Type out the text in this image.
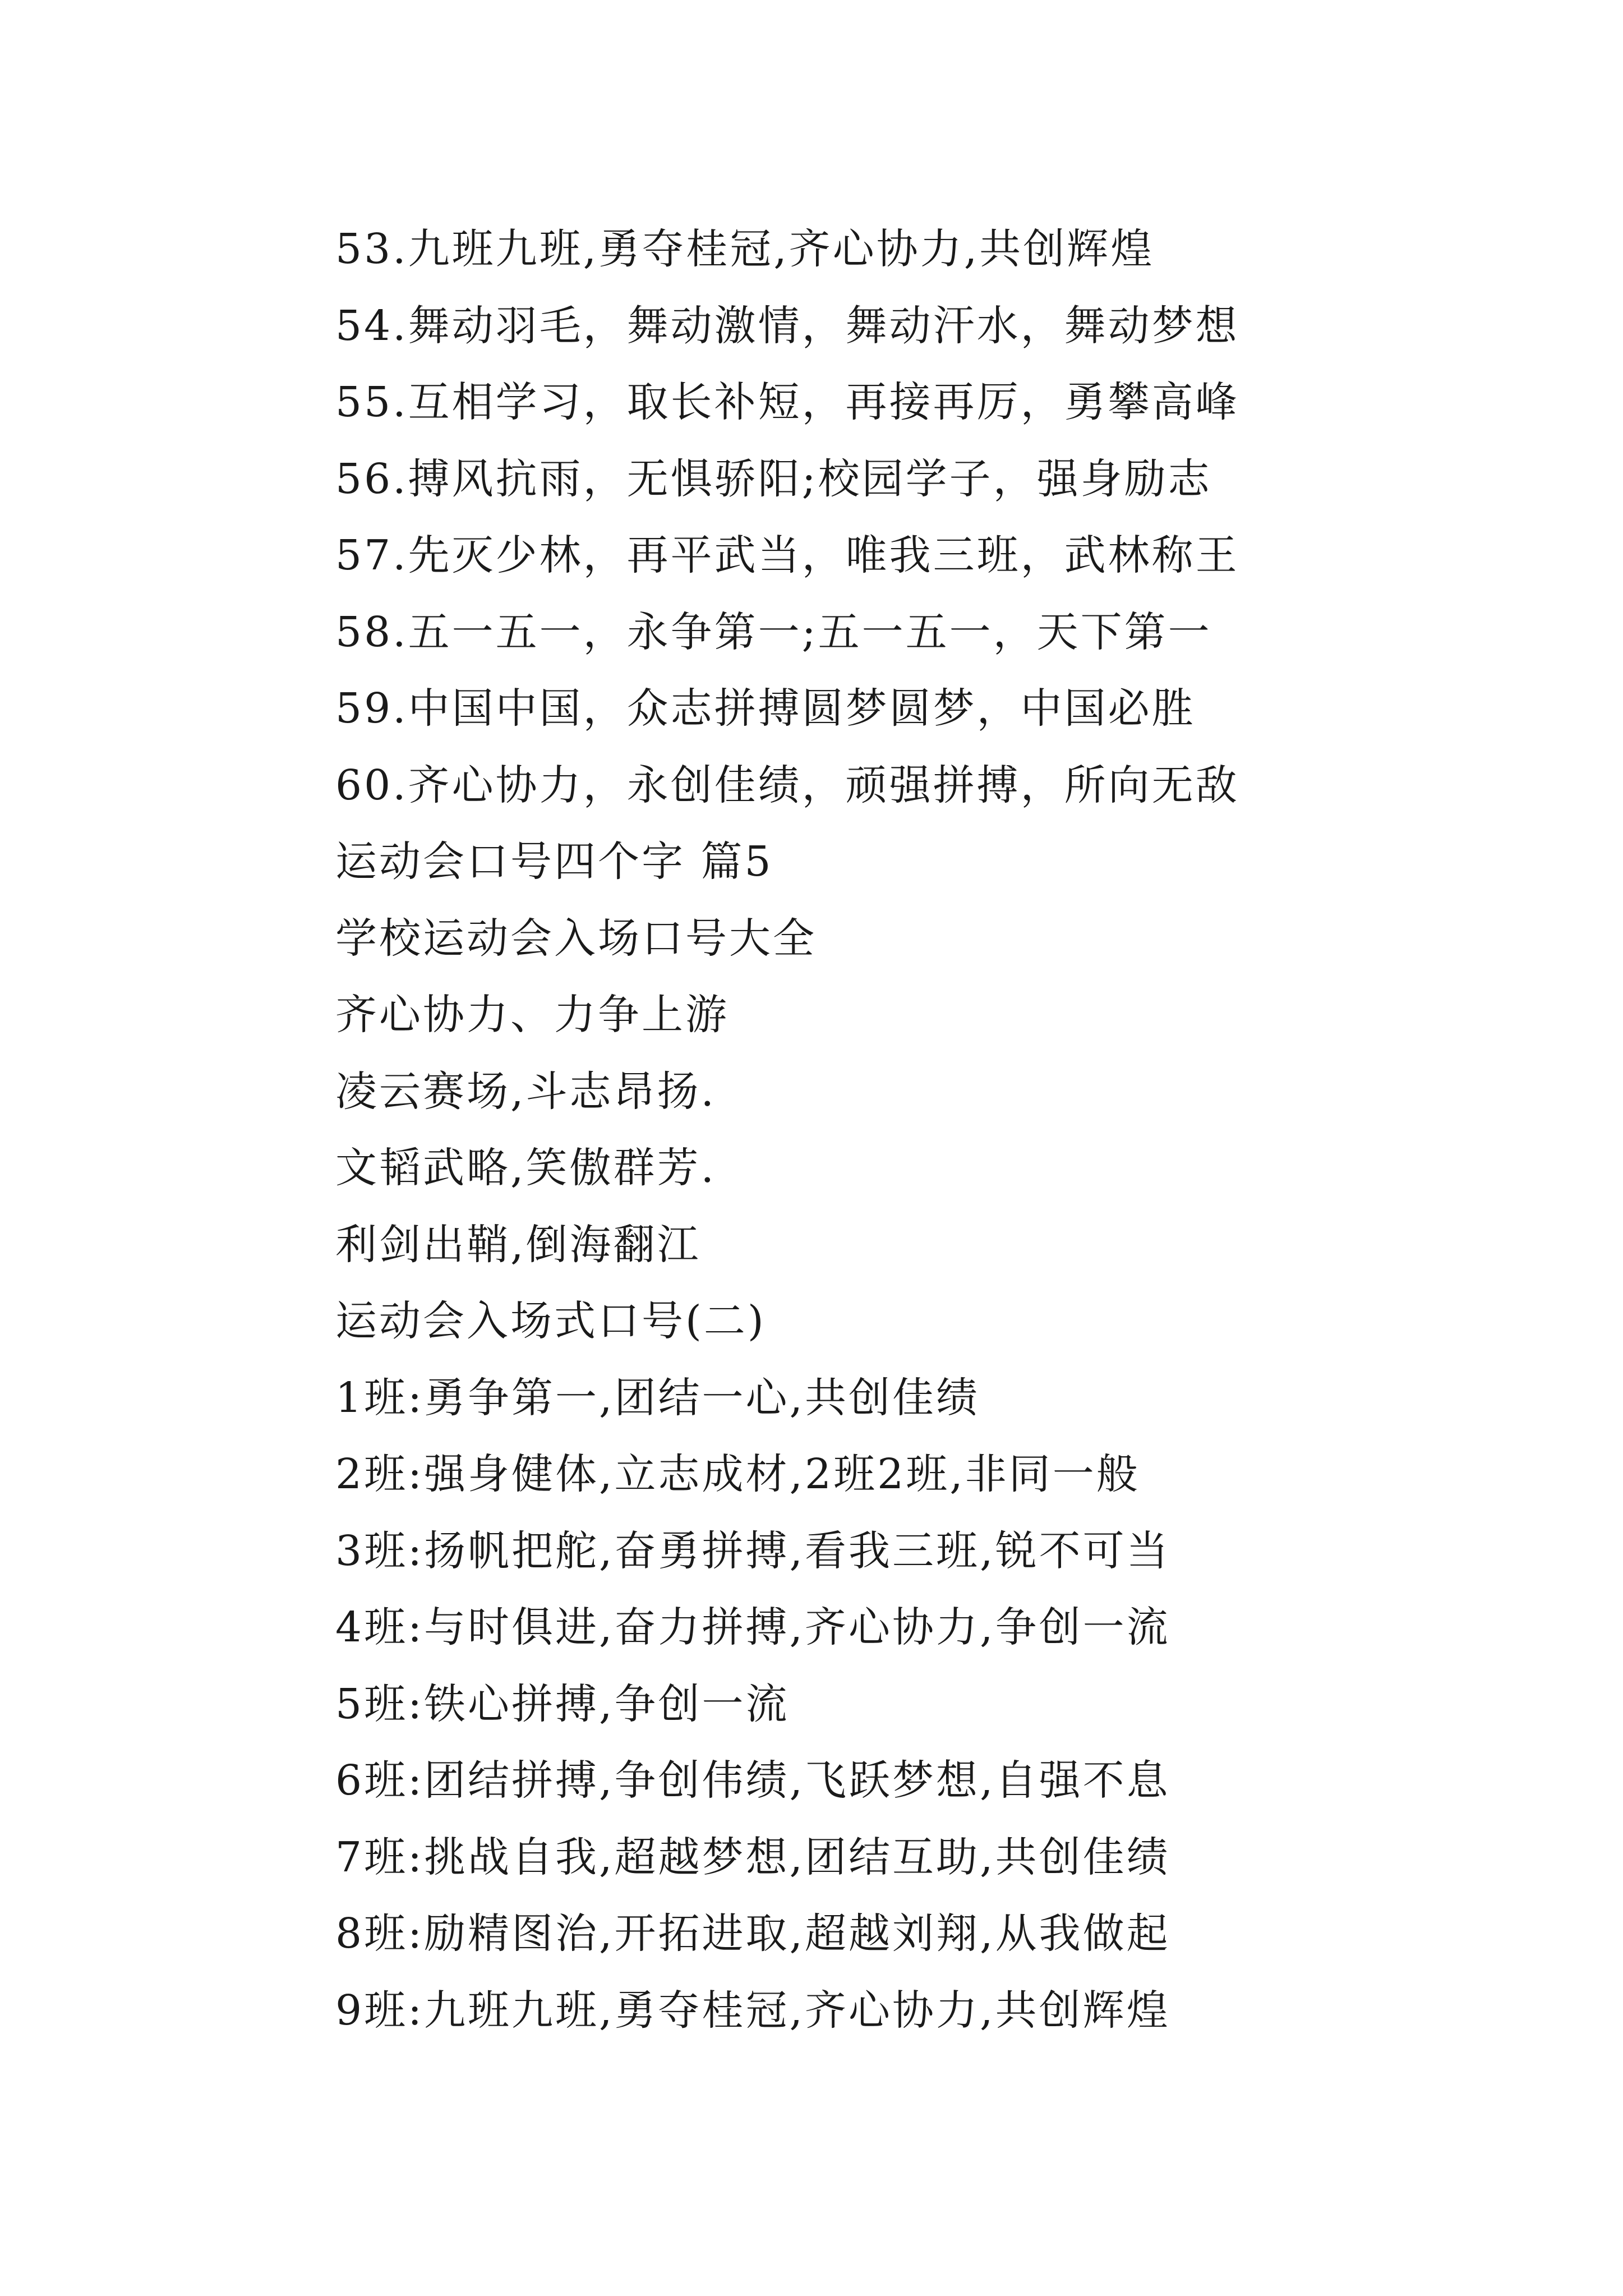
53.九班九班,勇夺桂冠,齐心协力,共创辉煌
54.舞动羽毛，舞动激情，舞动汗水，舞动梦想
55.互相学习，取长补短，再接再厉，勇攀高峰
56.搏风抗雨，无惧骄阳;校园学子，强身励志
57.先灭少林，再平武当，唯我三班，武林称王
58.五一五一，永争第一;五一五一，天下第一
59.中国中国，众志拼搏圆梦圆梦，中国必胜
60.齐心协力，永创佳绩，顽强拼搏，所向无敌
运动会口号四个字 篇5
学校运动会入场口号大全
齐心协力、力争上游
凌云赛场,斗志昂扬.
文韬武略,笑傲群芳.
利剑出鞘,倒海翻江
运动会入场式口号(二)
1班:勇争第一,团结一心,共创佳绩
2班:强身健体,立志成材,2班2班,非同一般
3班:扬帆把舵,奋勇拼搏,看我三班,锐不可当
4班:与时俱进,奋力拼搏,齐心协力,争创一流
5班:铁心拼搏,争创一流
6班:团结拼搏,争创伟绩,飞跃梦想,自强不息
7班:挑战自我,超越梦想,团结互助,共创佳绩
8班:励精图治,开拓进取,超越刘翔,从我做起
9班:九班九班,勇夺桂冠,齐心协力,共创辉煌
